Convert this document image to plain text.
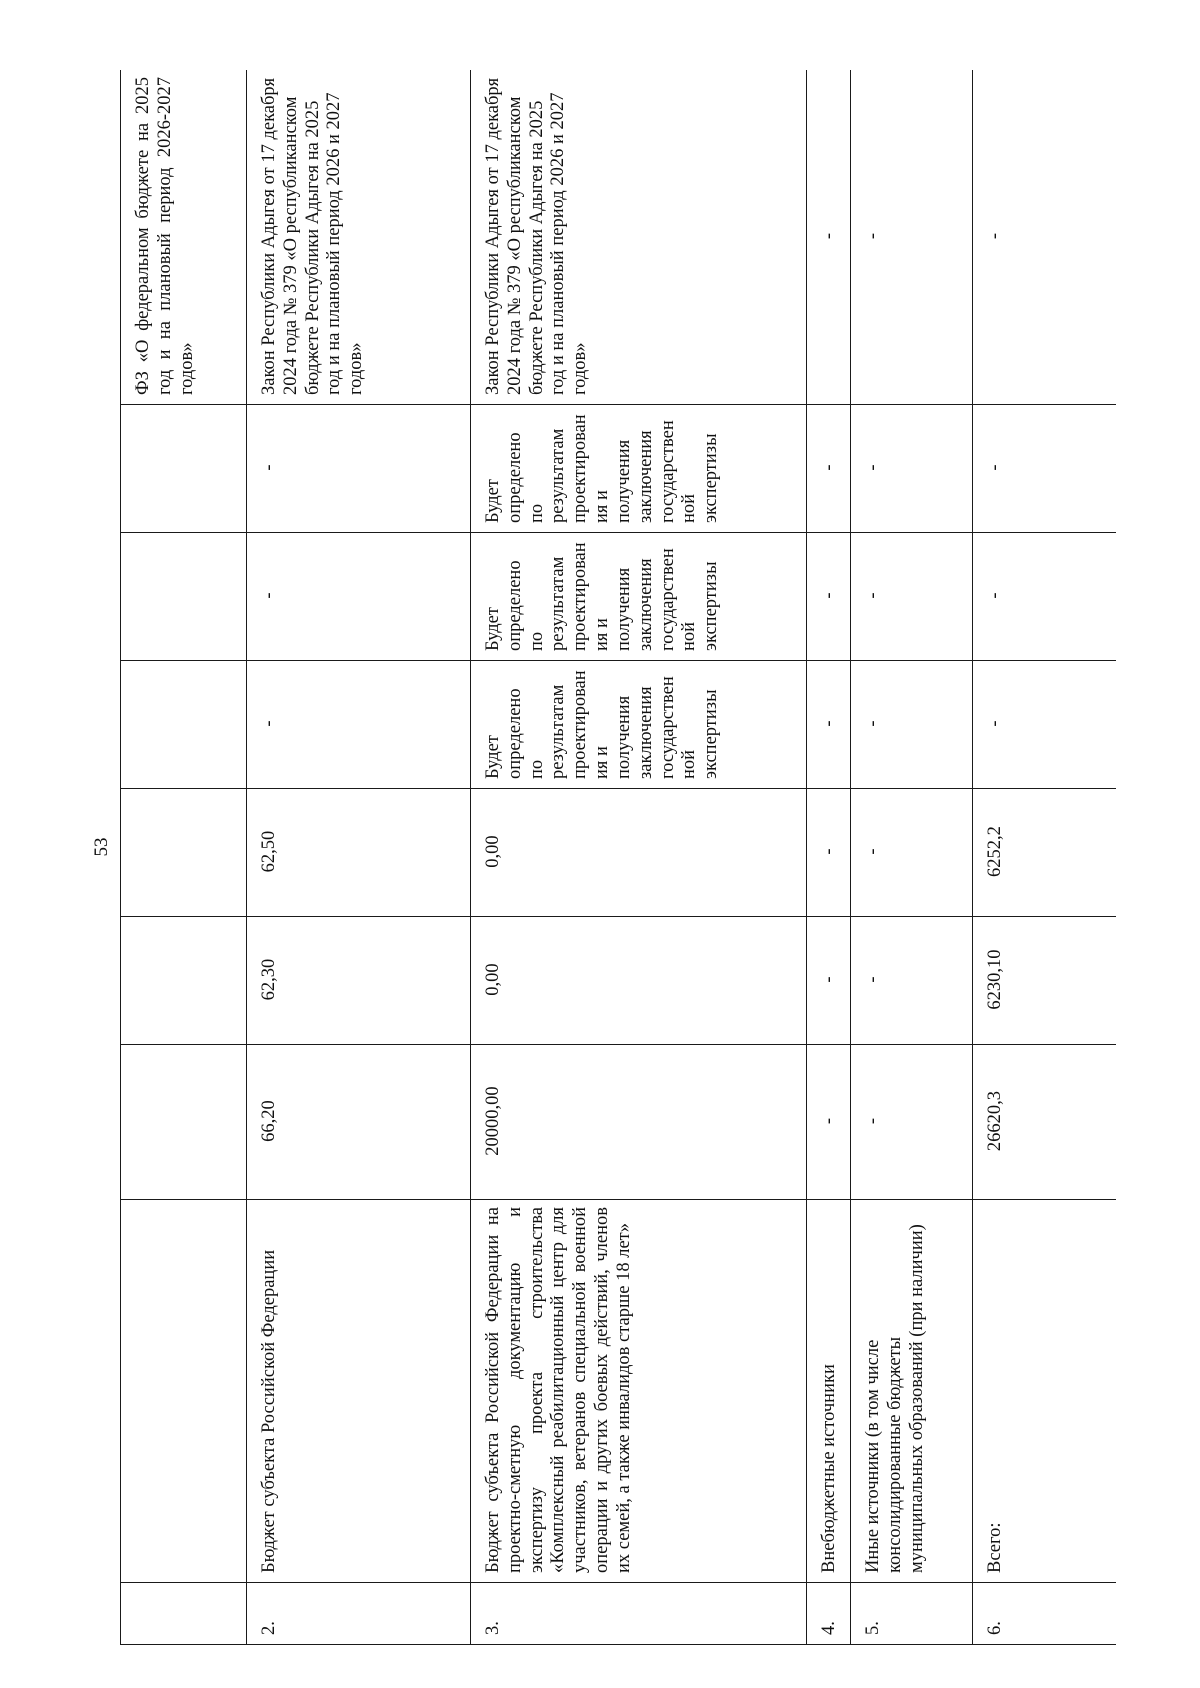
53
								ФЗ «О федеральном бюджете на 2025 год и на плановый период 2026-2027 годов»
2.	Бюджет субъекта Российской Федерации	66,20	62,30	62,50	-	-	-	Закон Республики Адыгея от 17 декабря 2024 года № 379 «О республиканском бюджете Республики Адыгея на 2025 год и на плановый период 2026 и 2027 годов»
3.	Бюджет субъекта Российской Федерации на проектно-сметную документацию и экспертизу проекта строительства «Комплексный реабилитационный центр для участников, ветеранов специальной военной операции и других боевых действий, членов их семей, а также инвалидов старше 18 лет»	20000,00	0,00	0,00	Будет определено по результатам проектирования и получения заключения государственной экспертизы	Будет определено по результатам проектирования и получения заключения государственной экспертизы	Будет определено по результатам проектирования и получения заключения государственной экспертизы	Закон Республики Адыгея от 17 декабря 2024 года № 379 «О республиканском бюджете Республики Адыгея на 2025 год и на плановый период 2026 и 2027 годов»
4.	Внебюджетные источники	-	-	-	-	-	-	-
5.	Иные источники (в том числе консолидированные бюджеты муниципальных образований (при наличии)	-	-	-	-	-	-	-
6.	Всего:	26620,3	6230,10	6252,2	-	-	-	-
